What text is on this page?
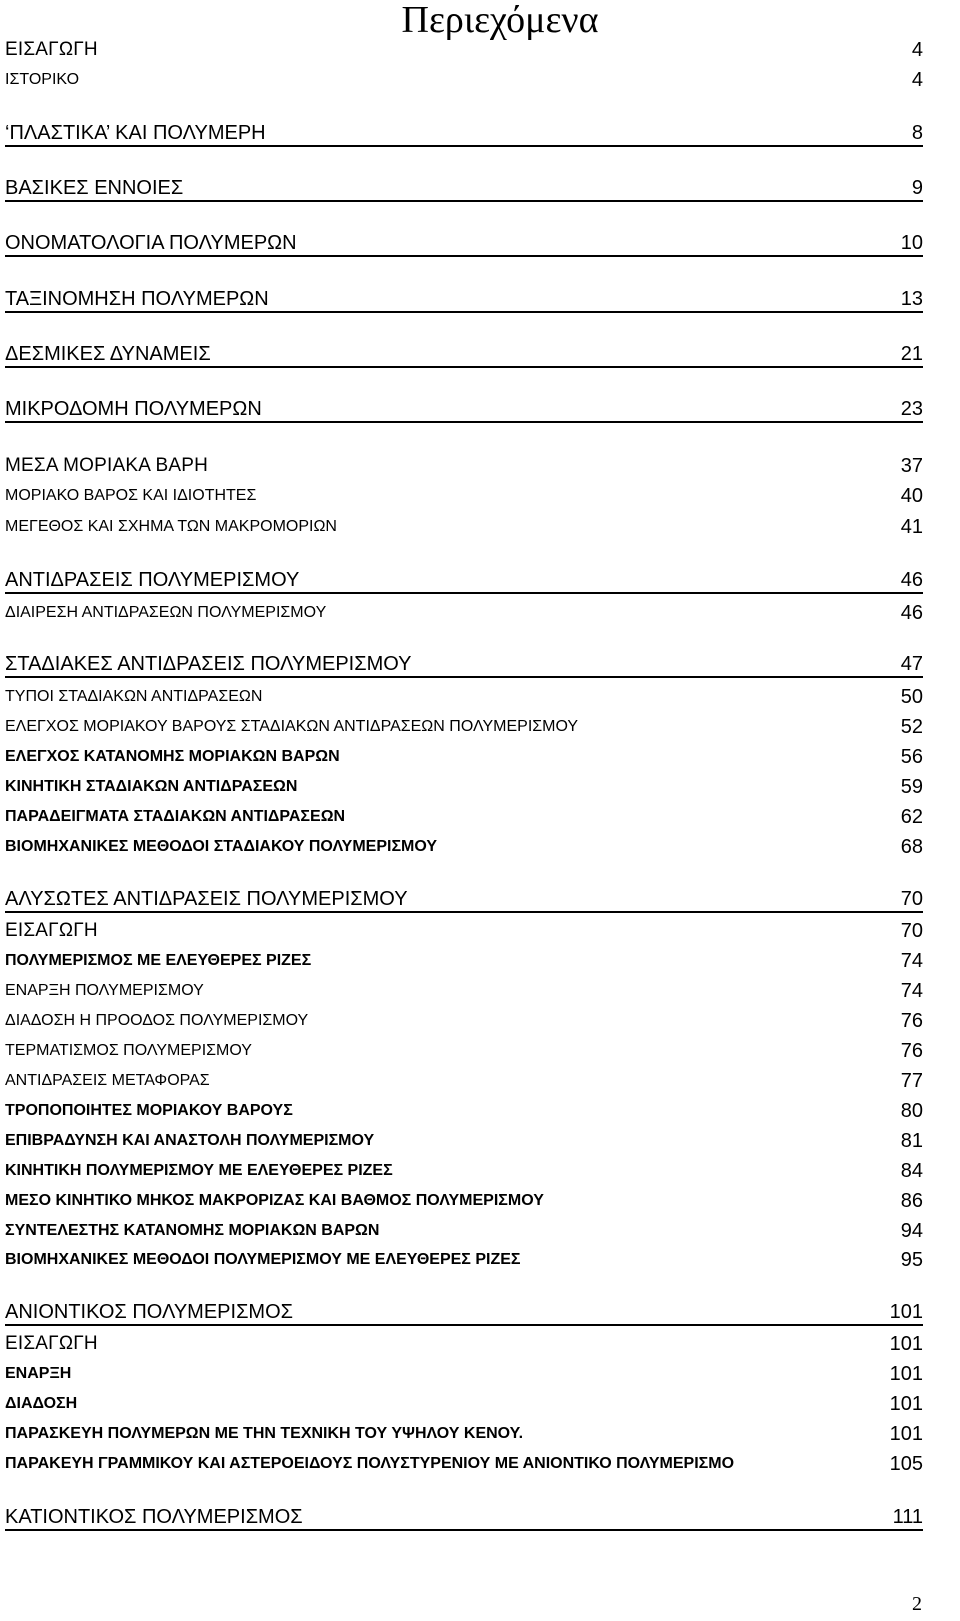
Περιεχόμενα
ΕΙΣΑΓΩΓΗ	4
ΙΣΤΟΡΙΚΟ	4
‘ΠΛΑΣΤΙΚΑ’ ΚΑΙ ΠΟΛΥΜΕΡΗ	8
ΒΑΣΙΚΕΣ ΕΝΝΟΙΕΣ	9
ΟΝΟΜΑΤΟΛΟΓΙΑ ΠΟΛΥΜΕΡΩΝ	10
ΤΑΞΙΝΟΜΗΣΗ ΠΟΛΥΜΕΡΩΝ	13
ΔΕΣΜΙΚΕΣ ΔΥΝΑΜΕΙΣ	21
ΜΙΚΡΟΔΟΜΗ ΠΟΛΥΜΕΡΩΝ	23
ΜΕΣΑ ΜΟΡΙΑΚΑ ΒΑΡΗ	37
ΜΟΡΙΑΚΟ ΒΑΡΟΣ ΚΑΙ ΙΔΙΟΤΗΤΕΣ	40
ΜΕΓΕΘΟΣ ΚΑΙ ΣΧΗΜΑ ΤΩΝ ΜΑΚΡΟΜΟΡΙΩΝ	41
ΑΝΤΙΔΡΑΣΕΙΣ ΠΟΛΥΜΕΡΙΣΜΟΥ	46
ΔΙΑΙΡΕΣΗ ΑΝΤΙΔΡΑΣΕΩΝ ΠΟΛΥΜΕΡΙΣΜΟΥ	46
ΣΤΑΔΙΑΚΕΣ ΑΝΤΙΔΡΑΣΕΙΣ ΠΟΛΥΜΕΡΙΣΜΟΥ	47
ΤΥΠΟΙ ΣΤΑΔΙΑΚΩΝ ΑΝΤΙΔΡΑΣΕΩΝ	50
ΕΛΕΓΧΟΣ ΜΟΡΙΑΚΟΥ ΒΑΡΟΥΣ ΣΤΑΔΙΑΚΩΝ ΑΝΤΙΔΡΑΣΕΩΝ ΠΟΛΥΜΕΡΙΣΜΟΥ	52
ΕΛΕΓΧΟΣ ΚΑΤΑΝΟΜΗΣ ΜΟΡΙΑΚΩΝ ΒΑΡΩΝ	56
ΚΙΝΗΤΙΚΗ ΣΤΑΔΙΑΚΩΝ ΑΝΤΙΔΡΑΣΕΩΝ	59
ΠΑΡΑΔΕΙΓΜΑΤΑ ΣΤΑΔΙΑΚΩΝ ΑΝΤΙΔΡΑΣΕΩΝ	62
ΒΙΟΜΗΧΑΝΙΚΕΣ ΜΕΘΟΔΟΙ ΣΤΑΔΙΑΚΟΥ ΠΟΛΥΜΕΡΙΣΜΟΥ	68
ΑΛΥΣΩΤΕΣ ΑΝΤΙΔΡΑΣΕΙΣ ΠΟΛΥΜΕΡΙΣΜΟΥ	70
ΕΙΣΑΓΩΓΗ	70
ΠΟΛΥΜΕΡΙΣΜΟΣ ΜΕ ΕΛΕΥΘΕΡΕΣ ΡΙΖΕΣ	74
ΕΝΑΡΞΗ ΠΟΛΥΜΕΡΙΣΜΟΥ	74
ΔΙΑΔΟΣΗ Η ΠΡΟΟΔΟΣ ΠΟΛΥΜΕΡΙΣΜΟΥ	76
ΤΕΡΜΑΤΙΣΜΟΣ ΠΟΛΥΜΕΡΙΣΜΟΥ	76
ΑΝΤΙΔΡΑΣΕΙΣ ΜΕΤΑΦΟΡΑΣ	77
ΤΡΟΠΟΠΟΙΗΤΕΣ ΜΟΡΙΑΚΟΥ ΒΑΡΟΥΣ	80
ΕΠΙΒΡΑΔΥΝΣΗ ΚΑΙ ΑΝΑΣΤΟΛΗ ΠΟΛΥΜΕΡΙΣΜΟΥ	81
ΚΙΝΗΤΙΚΗ ΠΟΛΥΜΕΡΙΣΜΟΥ ΜΕ ΕΛΕΥΘΕΡΕΣ ΡΙΖΕΣ	84
ΜΕΣΟ ΚΙΝΗΤΙΚΟ ΜΗΚΟΣ ΜΑΚΡΟΡΙΖΑΣ ΚΑΙ ΒΑΘΜΟΣ ΠΟΛΥΜΕΡΙΣΜΟΥ	86
ΣΥΝΤΕΛΕΣΤΗΣ ΚΑΤΑΝΟΜΗΣ ΜΟΡΙΑΚΩΝ ΒΑΡΩΝ	94
ΒΙΟΜΗΧΑΝΙΚΕΣ ΜΕΘΟΔΟΙ ΠΟΛΥΜΕΡΙΣΜΟΥ ΜΕ ΕΛΕΥΘΕΡΕΣ ΡΙΖΕΣ	95
ΑΝΙΟΝΤΙΚΟΣ ΠΟΛΥΜΕΡΙΣΜΟΣ	101
ΕΙΣΑΓΩΓΗ	101
ΕΝΑΡΞΗ	101
ΔΙΑΔΟΣΗ	101
ΠΑΡΑΣΚΕΥΗ ΠΟΛΥΜΕΡΩΝ ΜΕ ΤΗΝ ΤΕΧΝΙΚΗ ΤΟΥ ΥΨΗΛΟΥ ΚΕΝΟΥ.	101
ΠΑΡΑΚΕΥΗ ΓΡΑΜΜΙΚΟΥ ΚΑΙ ΑΣΤΕΡΟΕΙΔΟΥΣ ΠΟΛΥΣΤΥΡΕΝΙΟΥ ΜΕ ΑΝΙΟΝΤΙΚΟ ΠΟΛΥΜΕΡΙΣΜΟ	105
ΚΑΤΙΟΝΤΙΚΟΣ ΠΟΛΥΜΕΡΙΣΜΟΣ	111
2
